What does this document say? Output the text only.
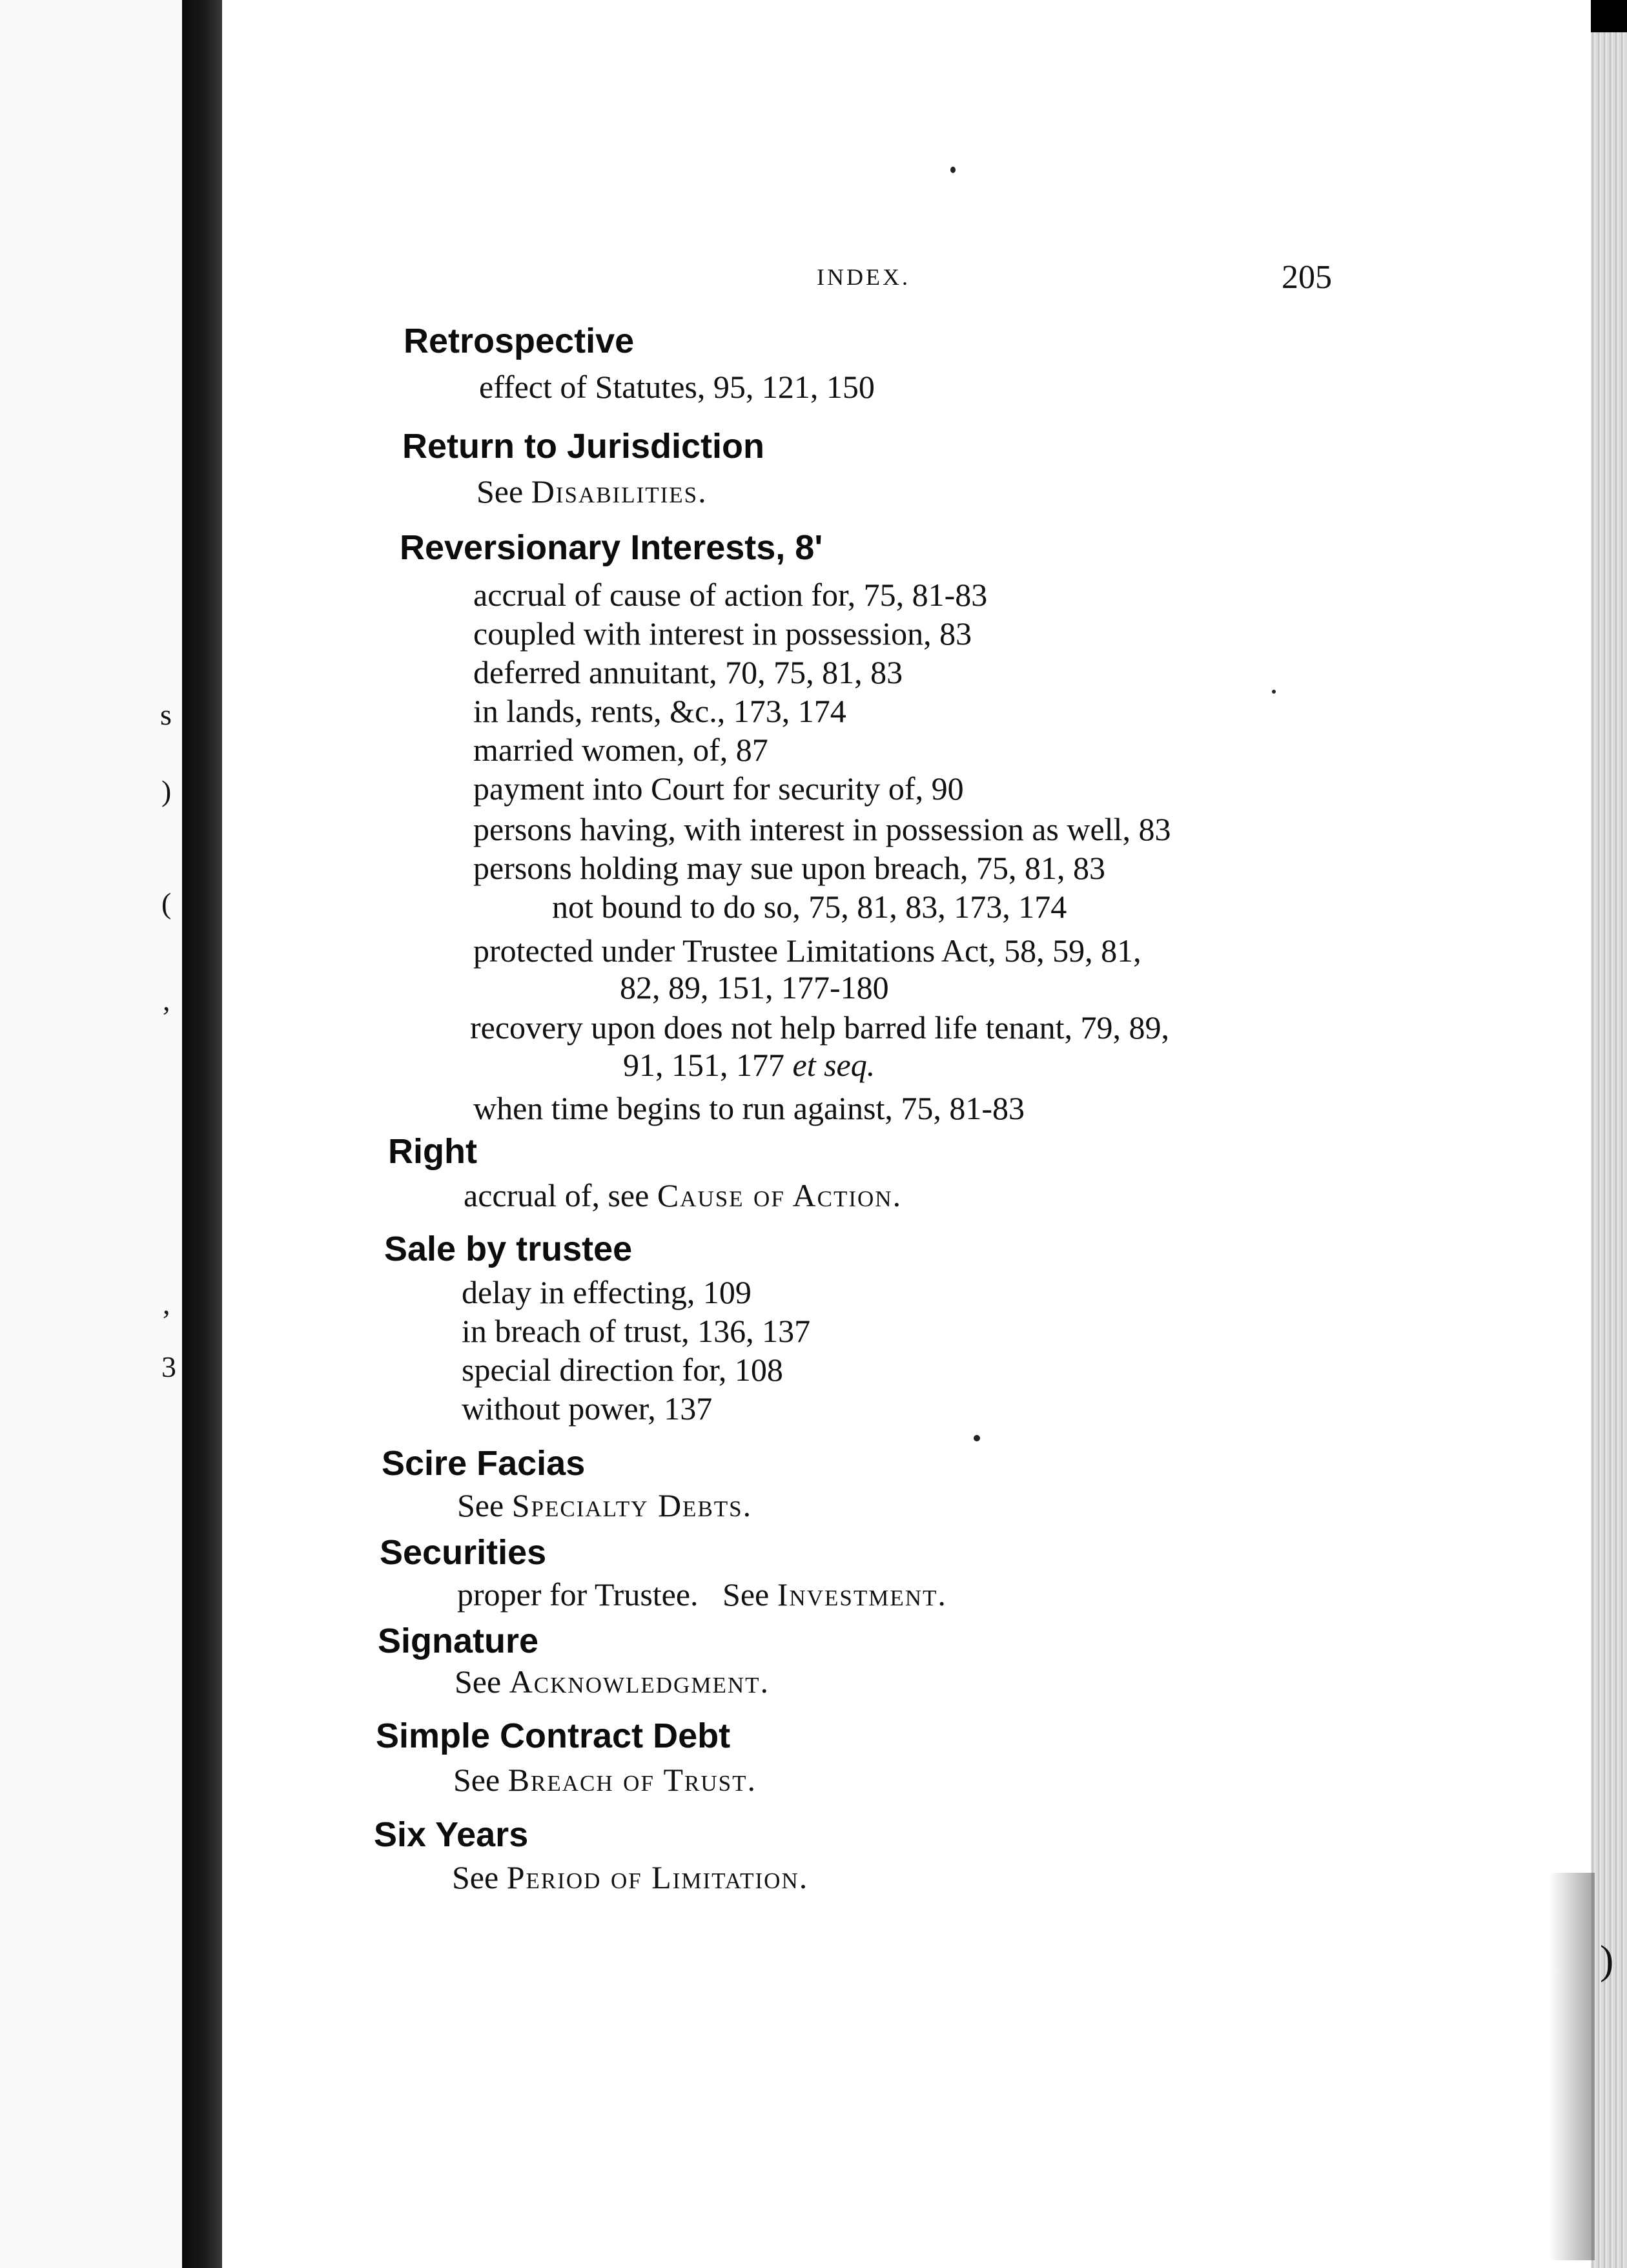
s
)
(
,
,
3
)
INDEX.	205
Retrospective
effect of Statutes, 95, 121, 150
Return to Jurisdiction
See Disabilities.
Reversionary Interests, 8'
accrual of cause of action for, 75, 81-83
coupled with interest in possession, 83
deferred annuitant, 70, 75, 81, 83
in lands, rents, &c., 173, 174
married women, of, 87
payment into Court for security of, 90
persons having, with interest in possession as well, 83
persons holding may sue upon breach, 75, 81, 83
not bound to do so, 75, 81, 83, 173, 174
protected under Trustee Limitations Act, 58, 59, 81,
82, 89, 151, 177-180
recovery upon does not help barred life tenant, 79, 89,
91, 151, 177 et seq.
when time begins to run against, 75, 81-83
Right
accrual of, see Cause of Action.
Sale by trustee
delay in effecting, 109
in breach of trust, 136, 137
special direction for, 108
without power, 137
Scire Facias
See Specialty Debts.
Securities
proper for Trustee.   See Investment.
Signature
See Acknowledgment.
Simple Contract Debt
See Breach of Trust.
Six Years
See Period of Limitation.
